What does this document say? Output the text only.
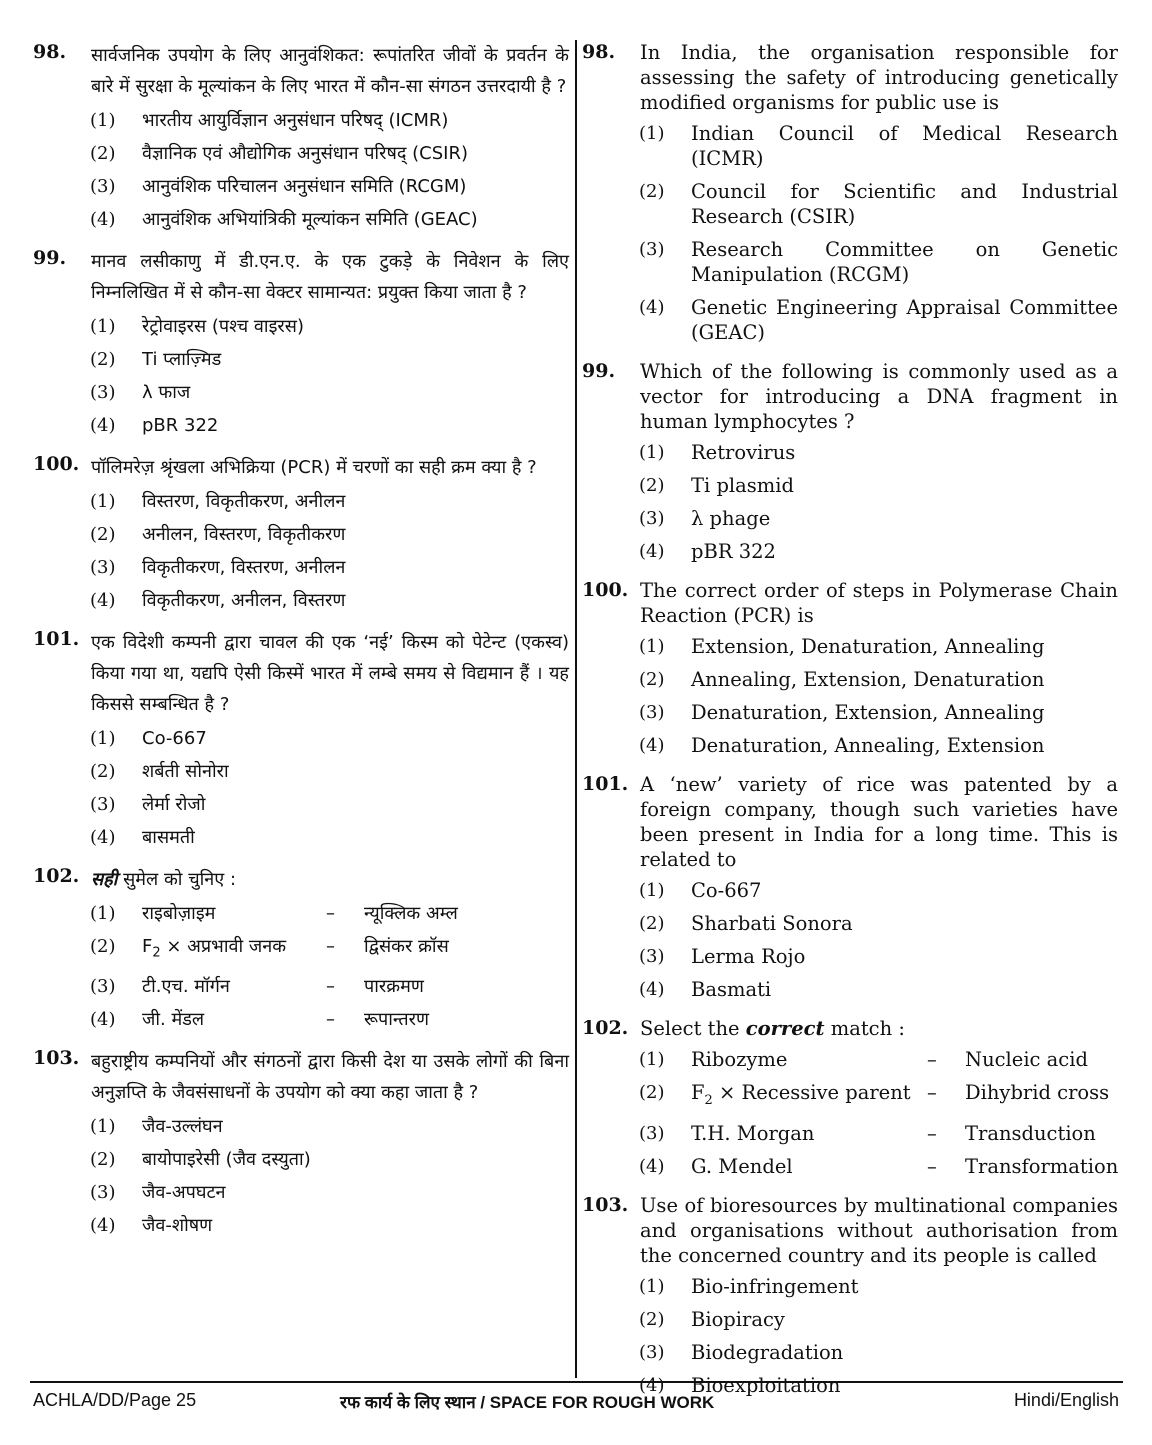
98. सार्वजनिक उपयोग के लिए आनुवंशिकत: रूपांतरित जीवों के प्रवर्तन के बारे में सुरक्षा के मूल्यांकन के लिए भारत में कौन-सा संगठन उत्तरदायी है ?
(1)	भारतीय आयुर्विज्ञान अनुसंधान परिषद् (ICMR)
(2)	वैज्ञानिक एवं औद्योगिक अनुसंधान परिषद् (CSIR)
(3)	आनुवंशिक परिचालन अनुसंधान समिति (RCGM)
(4)	आनुवंशिक अभियांत्रिकी मूल्यांकन समिति (GEAC)
99. मानव लसीकाणु में डी.एन.ए. के एक टुकड़े के निवेशन के लिए निम्नलिखित में से कौन-सा वेक्टर सामान्यत: प्रयुक्त किया जाता है ?
(1)	रेट्रोवाइरस (पश्च वाइरस)
(2)	Ti प्लाज़्मिड
(3)	λ फाज
(4)	pBR 322
100. पॉलिमरेज़ श्रृंखला अभिक्रिया (PCR) में चरणों का सही क्रम क्या है ?
(1)	विस्तरण, विकृतीकरण, अनीलन
(2)	अनीलन, विस्तरण, विकृतीकरण
(3)	विकृतीकरण, विस्तरण, अनीलन
(4)	विकृतीकरण, अनीलन, विस्तरण
101. एक विदेशी कम्पनी द्वारा चावल की एक ‘नई’ किस्म को पेटेन्ट (एकस्व) किया गया था, यद्यपि ऐसी किस्में भारत में लम्बे समय से विद्यमान हैं । यह किससे सम्बन्धित है ?
(1)	Co-667
(2)	शर्बती सोनोरा
(3)	लेर्मा रोजो
(4)	बासमती
102. सही सुमेल को चुनिए :
(1)	राइबोज़ाइम	–	न्यूक्लिक अम्ल
(2)	$F_2$ × अप्रभावी जनक	–	द्विसंकर क्रॉस
(3)	टी.एच. मॉर्गन	–	पारक्रमण
(4)	जी. मेंडल	–	रूपान्तरण
103. बहुराष्ट्रीय कम्पनियों और संगठनों द्वारा किसी देश या उसके लोगों की बिना अनुज्ञप्ति के जैवसंसाधनों के उपयोग को क्या कहा जाता है ?
(1)	जैव-उल्लंघन
(2)	बायोपाइरेसी (जैव दस्युता)
(3)	जैव-अपघटन
(4)	जैव-शोषण
98. In India, the organisation responsible for assessing the safety of introducing genetically modified organisms for public use is
(1)	Indian Council of Medical Research (ICMR)
(2)	Council for Scientific and Industrial Research (CSIR)
(3)	Research Committee on Genetic Manipulation (RCGM)
(4)	Genetic Engineering Appraisal Committee (GEAC)
99. Which of the following is commonly used as a vector for introducing a DNA fragment in human lymphocytes ?
(1)	Retrovirus
(2)	Ti plasmid
(3)	λ phage
(4)	pBR 322
100. The correct order of steps in Polymerase Chain Reaction (PCR) is
(1)	Extension, Denaturation, Annealing
(2)	Annealing, Extension, Denaturation
(3)	Denaturation, Extension, Annealing
(4)	Denaturation, Annealing, Extension
101. A ‘new’ variety of rice was patented by a foreign company, though such varieties have been present in India for a long time. This is related to
(1)	Co-667
(2)	Sharbati Sonora
(3)	Lerma Rojo
(4)	Basmati
102. Select the correct match :
(1)	Ribozyme	–	Nucleic acid
(2)	$F_2$ × Recessive parent –	Dihybrid cross
(3)	T.H. Morgan	–	Transduction
(4)	G. Mendel	–	Transformation
103. Use of bioresources by multinational companies and organisations without authorisation from the concerned country and its people is called
(1)	Bio-infringement
(2)	Biopiracy
(3)	Biodegradation
(4)	Bioexploitation
ACHLA/DD/Page 25	रफ कार्य के लिए स्थान / SPACE FOR ROUGH WORK	Hindi/English
